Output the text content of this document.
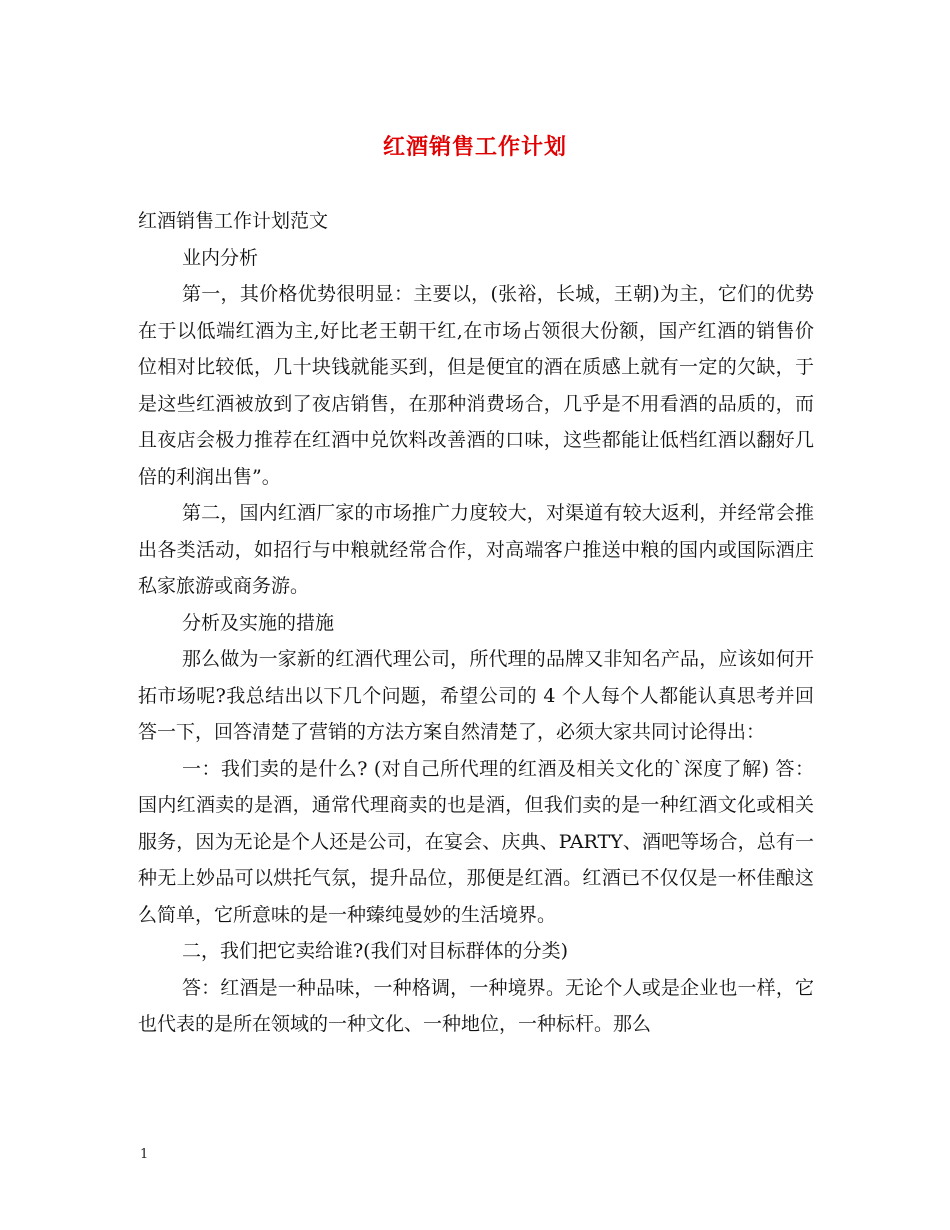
红酒销售工作计划

红酒销售工作计划范文

业内分析

第一，其价格优势很明显：主要以，(张裕，长城，王朝)为主，它们的优势在于以低端红酒为主,好比老王朝干红,在市场占领很大份额，国产红酒的销售价位相对比较低，几十块钱就能买到，但是便宜的酒在质感上就有一定的欠缺，于是这些红酒被放到了夜店销售，在那种消费场合，几乎是不用看酒的品质的，而且夜店会极力推荐在红酒中兑饮料改善酒的口味，这些都能让低档红酒以翻好几倍的利润出售”。

第二，国内红酒厂家的市场推广力度较大，对渠道有较大返利，并经常会推出各类活动，如招行与中粮就经常合作，对高端客户推送中粮的国内或国际酒庄私家旅游或商务游。

分析及实施的措施

那么做为一家新的红酒代理公司，所代理的品牌又非知名产品，应该如何开拓市场呢?我总结出以下几个问题，希望公司的 4 个人每个人都能认真思考并回答一下，回答清楚了营销的方法方案自然清楚了，必须大家共同讨论得出：

一：我们卖的是什么? (对自己所代理的红酒及相关文化的`深度了解) 答：国内红酒卖的是酒，通常代理商卖的也是酒，但我们卖的是一种红酒文化或相关服务，因为无论是个人还是公司，在宴会、庆典、PARTY、酒吧等场合，总有一种无上妙品可以烘托气氛，提升品位，那便是红酒。红酒已不仅仅是一杯佳酿这么简单，它所意味的是一种臻纯曼妙的生活境界。

二，我们把它卖给谁?(我们对目标群体的分类)

答：红酒是一种品味，一种格调，一种境界。无论个人或是企业也一样，它也代表的是所在领域的一种文化、一种地位，一种标杆。那么

1
